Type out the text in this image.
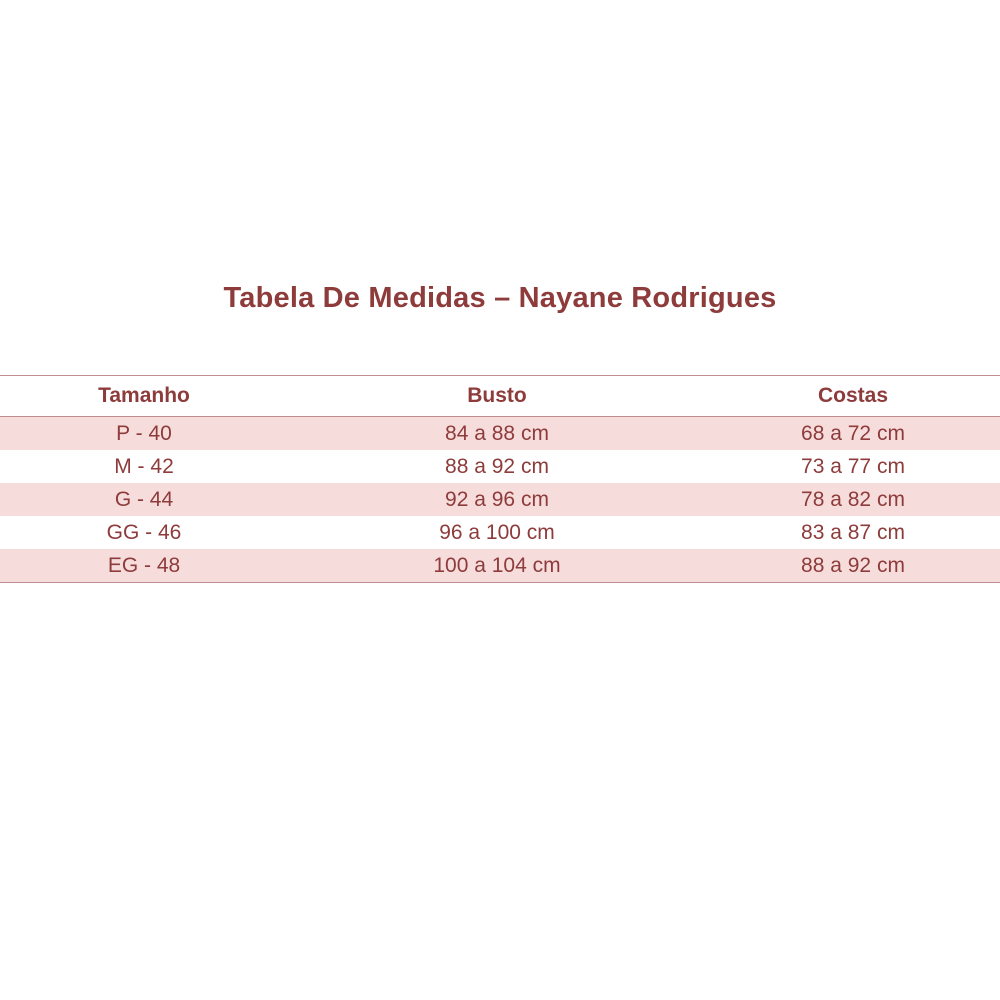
Tabela De Medidas – Nayane Rodrigues
Tamanho	Busto	Costas
P - 40	84 a 88 cm	68 a 72 cm
M - 42	88 a 92 cm	73 a 77 cm
G - 44	92 a 96 cm	78 a 82 cm
GG - 46	96 a 100 cm	83 a 87 cm
EG - 48	100 a 104 cm	88 a 92 cm
